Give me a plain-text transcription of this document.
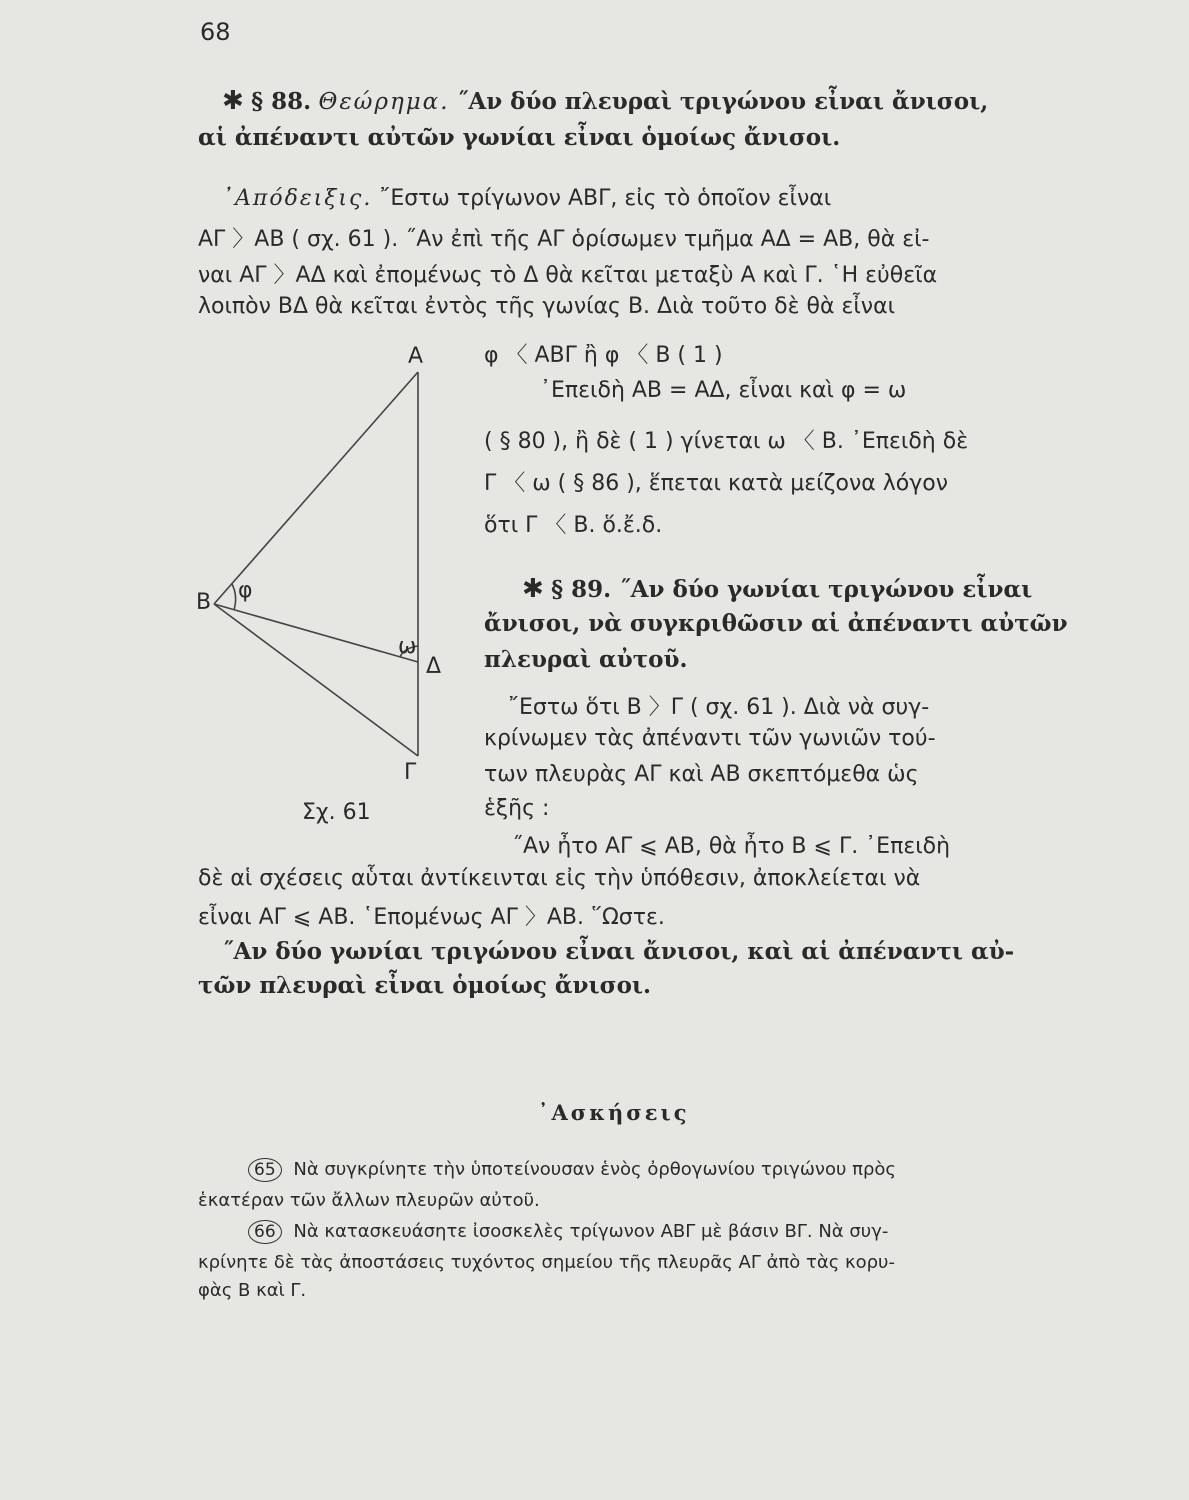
68
✱ § 88. Θεώρημα. ˝Αν δύο πλευραὶ τριγώνου εἶναι ἄνισοι,
αἱ ἀπέναντι αὐτῶν γωνίαι εἶναι ὁμοίως ἄνισοι.
᾿Απόδειξις. ῎Εστω τρίγωνον ΑΒΓ, εἰς τὸ ὁποῖον εἶναι
ΑΓ 〉ΑΒ ( σχ. 61 ). ˝Αν ἐπὶ τῆς ΑΓ ὁρίσωμεν τμῆμα ΑΔ = ΑΒ, θὰ εἰ-
ναι ΑΓ 〉ΑΔ καὶ ἐπομένως τὸ Δ θὰ κεῖται μεταξὺ Α καὶ Γ. ῾Η εὐθεῖα
λοιπὸν ΒΔ θὰ κεῖται ἐντὸς τῆς γωνίας Β. Διὰ τοῦτο δὲ θὰ εἶναι
φ 〈 ΑΒΓ ἢ φ 〈 Β ( 1 )
᾿Επειδὴ ΑΒ = ΑΔ, εἶναι καὶ φ = ω
( § 80 ), ἢ δὲ ( 1 ) γίνεται ω 〈 Β. ᾿Επειδὴ δὲ
Γ 〈 ω ( § 86 ), ἕπεται κατὰ μείζονα λόγον
ὅτι Γ 〈 Β. ὅ.ἔ.δ.
Α
Β φ
ω
Δ
Γ
Σχ. 61
✱ § 89. ˝Αν δύο γωνίαι τριγώνου εἶναι
ἄνισοι, νὰ συγκριθῶσιν αἱ ἀπέναντι αὐτῶν
πλευραὶ αὐτοῦ.
῎Εστω ὅτι Β 〉Γ ( σχ. 61 ). Διὰ νὰ συγ-
κρίνωμεν τὰς ἀπέναντι τῶν γωνιῶν τού-
των πλευρὰς ΑΓ καὶ ΑΒ σκεπτόμεθα ὡς
ἑξῆς :
˝Αν ἦτο ΑΓ ⩽ ΑΒ, θὰ ἦτο Β ⩽ Γ. ᾿Επειδὴ
δὲ αἱ σχέσεις αὗται ἀντίκεινται εἰς τὴν ὑπόθεσιν, ἀποκλείεται νὰ
εἶναι ΑΓ ⩽ ΑΒ. ῾Επομένως ΑΓ 〉ΑΒ. ῞Ωστε.
˝Αν δύο γωνίαι τριγώνου εἶναι ἄνισοι, καὶ αἱ ἀπέναντι αὐ-
τῶν πλευραὶ εἶναι ὁμοίως ἄνισοι.
᾿Ασκήσεις
65 Νὰ συγκρίνητε τὴν ὑποτείνουσαν ἑνὸς ὀρθογωνίου τριγώνου πρὸς
ἑκατέραν τῶν ἄλλων πλευρῶν αὐτοῦ.
66 Νὰ κατασκευάσητε ἰσοσκελὲς τρίγωνον ΑΒΓ μὲ βάσιν ΒΓ. Νὰ συγ-
κρίνητε δὲ τὰς ἀποστάσεις τυχόντος σημείου τῆς πλευρᾶς ΑΓ ἀπὸ τὰς κορυ-
φὰς Β καὶ Γ.
